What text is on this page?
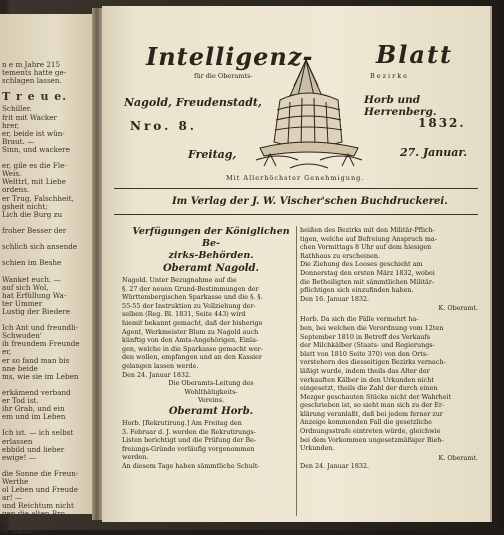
n e m Jahre 215
tements hatte ge-
schlagen lassen.
T r e u e.
Schiller.
frit mit Wacker
hrer,
er, beide ist wün-
Braut. —
Sinn, und wackere
er, gile es die Fle-
Weis.
Welttrl, mit Liebe
ordens.
er Trug, Falschheit,
gsheit nicht;
Lich die Burg zu
froher Besser der
schlich sich ansende
schien im Beshe
Wanket euch. —
auf sich Wol,
hat Erfüllung Wa-
ter Ummer
Lustig der Biedere
Ich Ant und freundli-
Schwuden'
ih freundem Freunde
er,
er so fand man bis
nne beide
ms, wie sie im Leben
erkämend verband
er Tod ist.
ihr Grab, und ein
em und im Leben
Ich ist. — ich selbst
erlassen
ebbild und lieber
ewige! —
die Sonne die Freun-
Werthe
ol Leben und Freude
ar! —
und Reichtum nicht
gen die alten Bro
Herz freundlich die
er hand! —
Intelligenz-	Blatt
für die Oberamts-	Bezirke
Nagold, Freudenstadt,	Horb und Herrenberg.
Nro. 8.	1832.
Freitag,	27. Januar.
Mit Allerhöchster Genehmigung.
Im Verlag der J. W. Vischer'schen Buchdruckerei.
Verfügungen der Königlichen Be-
zirks-Behörden.
Oberamt Nagold.

Nagold. Unter Bezugnahme auf die
§. 27 der neuen Grund-Bestimmungen der
Württembergischen Sparkasse und die §. §.
55-55 der Instruktion zu Vollziehung der-
selben (Reg. Bl. 1831, Seite 443) wird
hiemit bekannt gemacht, daß der bisherige
Agent, Werkmeister Blum zu Nagold auch
künftig von den Amts-Angehörigen, Einla-
gen, welche in die Sparkasse gemacht wer-
den wollen, empfangen und an den Kassier
gelangen lassen werde.

Den 24. Januar 1832.
Die Oberamts-Leitung des
Wohlthätigkeits-
Vereins.
Oberamt Horb.

Horb. [Rekrutirung.] Am Freitag den
3. Februar d. J. werden die Rekrutirungs-
Listen berichtigt und die Prüfung der Be-
freiungs-Gründe vorläufig vorgenommen
werden.
An diesem Tage haben sämmtliche Schult-

heißen des Bezirks mit den Militär-Pflich-
tigen, welche auf Befreiung Anspruch ma-
chen Vormittags 8 Uhr auf dem hiesigen
Rathhaus zu erscheinen.
Die Ziehung des Looses geschieht am
Donnerstag den ersten März 1832, wobei
die Betheiligten mit sämmtlichen Militär-
pflichtigen sich einzufinden haben.

Den 16. Januar 1832.
K. Oberamt.

Horb. Da sich die Fälle vermehrt ha-
ben, bei welchen die Verordnung vom 12ten
September 1810 in Betreff des Verkaufs
der Milchkälber (Staats- und Regierungs-
blatt von 1810 Seite 370) von den Orts-
vorstehern des diesseitigen Bezirks vernach-
läßigt wurde, indem theils das Alter der
verkauften Kälber in den Urkunden nicht
eingesetzt, theils die Zahl der durch einen
Mezger geschauten Stücke nicht der Wahrheit
geschrieben ist, so sieht man sich zu der Er-
klärung veranlaßt, daß bei jedem ferner zur
Anzeige kommenden Fall die gesetzliche
Ordnungsstrafe eintreten würde, gleichwie
bei dem Vorkommen ungesetzmäßiger Bieh-
Urkunden.

Den 24. Januar 1832.
K. Oberamt.
